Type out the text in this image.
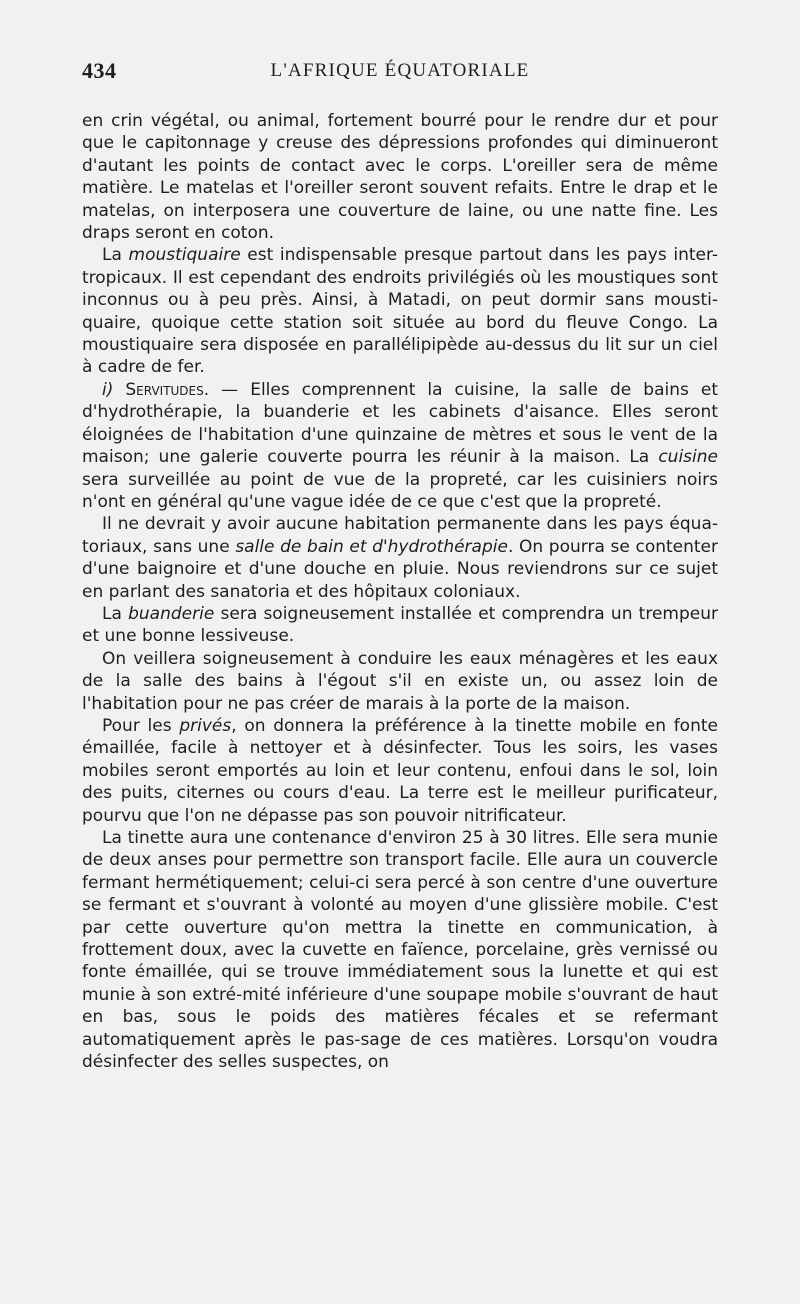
434	L'AFRIQUE ÉQUATORIALE

en crin végétal, ou animal, fortement bourré pour le rendre dur et pour que le capitonnage y creuse des dépressions profondes qui diminueront d'autant les points de contact avec le corps. L'oreiller sera de même matière. Le matelas et l'oreiller seront souvent refaits. Entre le drap et le matelas, on interposera une couverture de laine, ou une natte fine. Les draps seront en coton.

La moustiquaire est indispensable presque partout dans les pays inter-tropicaux. Il est cependant des endroits privilégiés où les moustiques sont inconnus ou à peu près. Ainsi, à Matadi, on peut dormir sans mousti-quaire, quoique cette station soit située au bord du fleuve Congo. La moustiquaire sera disposée en parallélipipède au-dessus du lit sur un ciel à cadre de fer.

i) Servitudes. — Elles comprennent la cuisine, la salle de bains et d'hydrothérapie, la buanderie et les cabinets d'aisance. Elles seront éloignées de l'habitation d'une quinzaine de mètres et sous le vent de la maison; une galerie couverte pourra les réunir à la maison. La cuisine sera surveillée au point de vue de la propreté, car les cuisiniers noirs n'ont en général qu'une vague idée de ce que c'est que la propreté.

Il ne devrait y avoir aucune habitation permanente dans les pays équa-toriaux, sans une salle de bain et d'hydrothérapie. On pourra se contenter d'une baignoire et d'une douche en pluie. Nous reviendrons sur ce sujet en parlant des sanatoria et des hôpitaux coloniaux.

La buanderie sera soigneusement installée et comprendra un trempeur et une bonne lessiveuse.

On veillera soigneusement à conduire les eaux ménagères et les eaux de la salle des bains à l'égout s'il en existe un, ou assez loin de l'habitation pour ne pas créer de marais à la porte de la maison.

Pour les privés, on donnera la préférence à la tinette mobile en fonte émaillée, facile à nettoyer et à désinfecter. Tous les soirs, les vases mobiles seront emportés au loin et leur contenu, enfoui dans le sol, loin des puits, citernes ou cours d'eau. La terre est le meilleur purificateur, pourvu que l'on ne dépasse pas son pouvoir nitrificateur.

La tinette aura une contenance d'environ 25 à 30 litres. Elle sera munie de deux anses pour permettre son transport facile. Elle aura un couvercle fermant hermétiquement; celui-ci sera percé à son centre d'une ouverture se fermant et s'ouvrant à volonté au moyen d'une glissière mobile. C'est par cette ouverture qu'on mettra la tinette en communication, à frottement doux, avec la cuvette en faïence, porcelaine, grès vernissé ou fonte émaillée, qui se trouve immédiatement sous la lunette et qui est munie à son extré-mité inférieure d'une soupape mobile s'ouvrant de haut en bas, sous le poids des matières fécales et se refermant automatiquement après le pas-sage de ces matières. Lorsqu'on voudra désinfecter des selles suspectes, on
